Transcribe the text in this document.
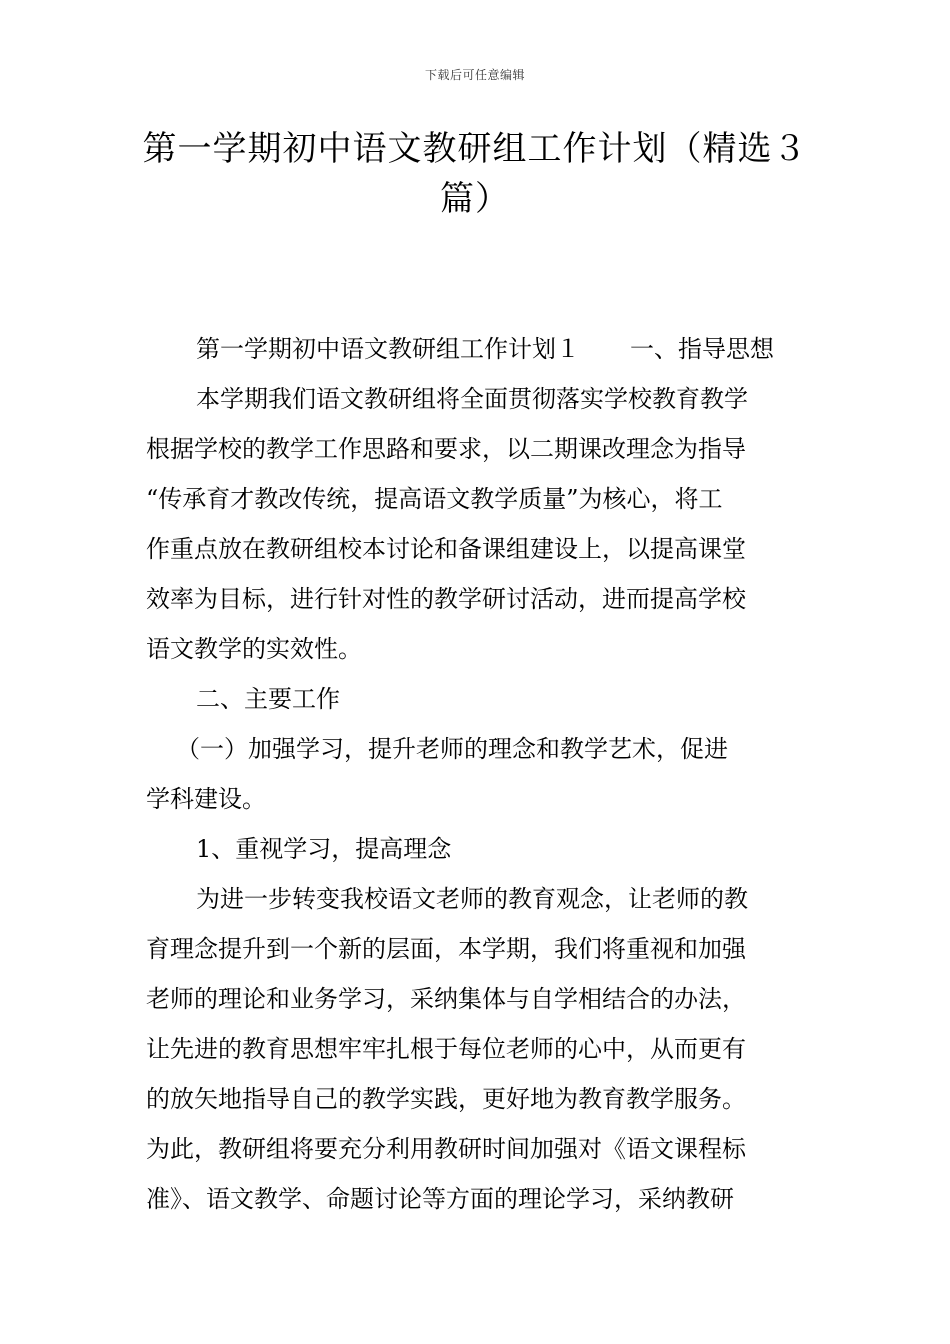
下载后可任意编辑
第一学期初中语文教研组工作计划（精选３
篇）
第一学期初中语文教研组工作计划１ 一、指导思想
本学期我们语文教研组将全面贯彻落实学校教育教学
根据学校的教学工作思路和要求，以二期课改理念为指导
“传承育才教改传统，提高语文教学质量”为核心，将工
作重点放在教研组校本讨论和备课组建设上，以提高课堂
效率为目标，进行针对性的教学研讨活动，进而提高学校
语文教学的实效性。
二、主要工作
（一）加强学习，提升老师的理念和教学艺术，促进
学科建设。
1、重视学习，提高理念
为进一步转变我校语文老师的教育观念，让老师的教
育理念提升到一个新的层面，本学期，我们将重视和加强
老师的理论和业务学习，采纳集体与自学相结合的办法，
让先进的教育思想牢牢扎根于每位老师的心中，从而更有
的放矢地指导自己的教学实践，更好地为教育教学服务。
为此，教研组将要充分利用教研时间加强对《语文课程标
准》、语文教学、命题讨论等方面的理论学习，采纳教研
